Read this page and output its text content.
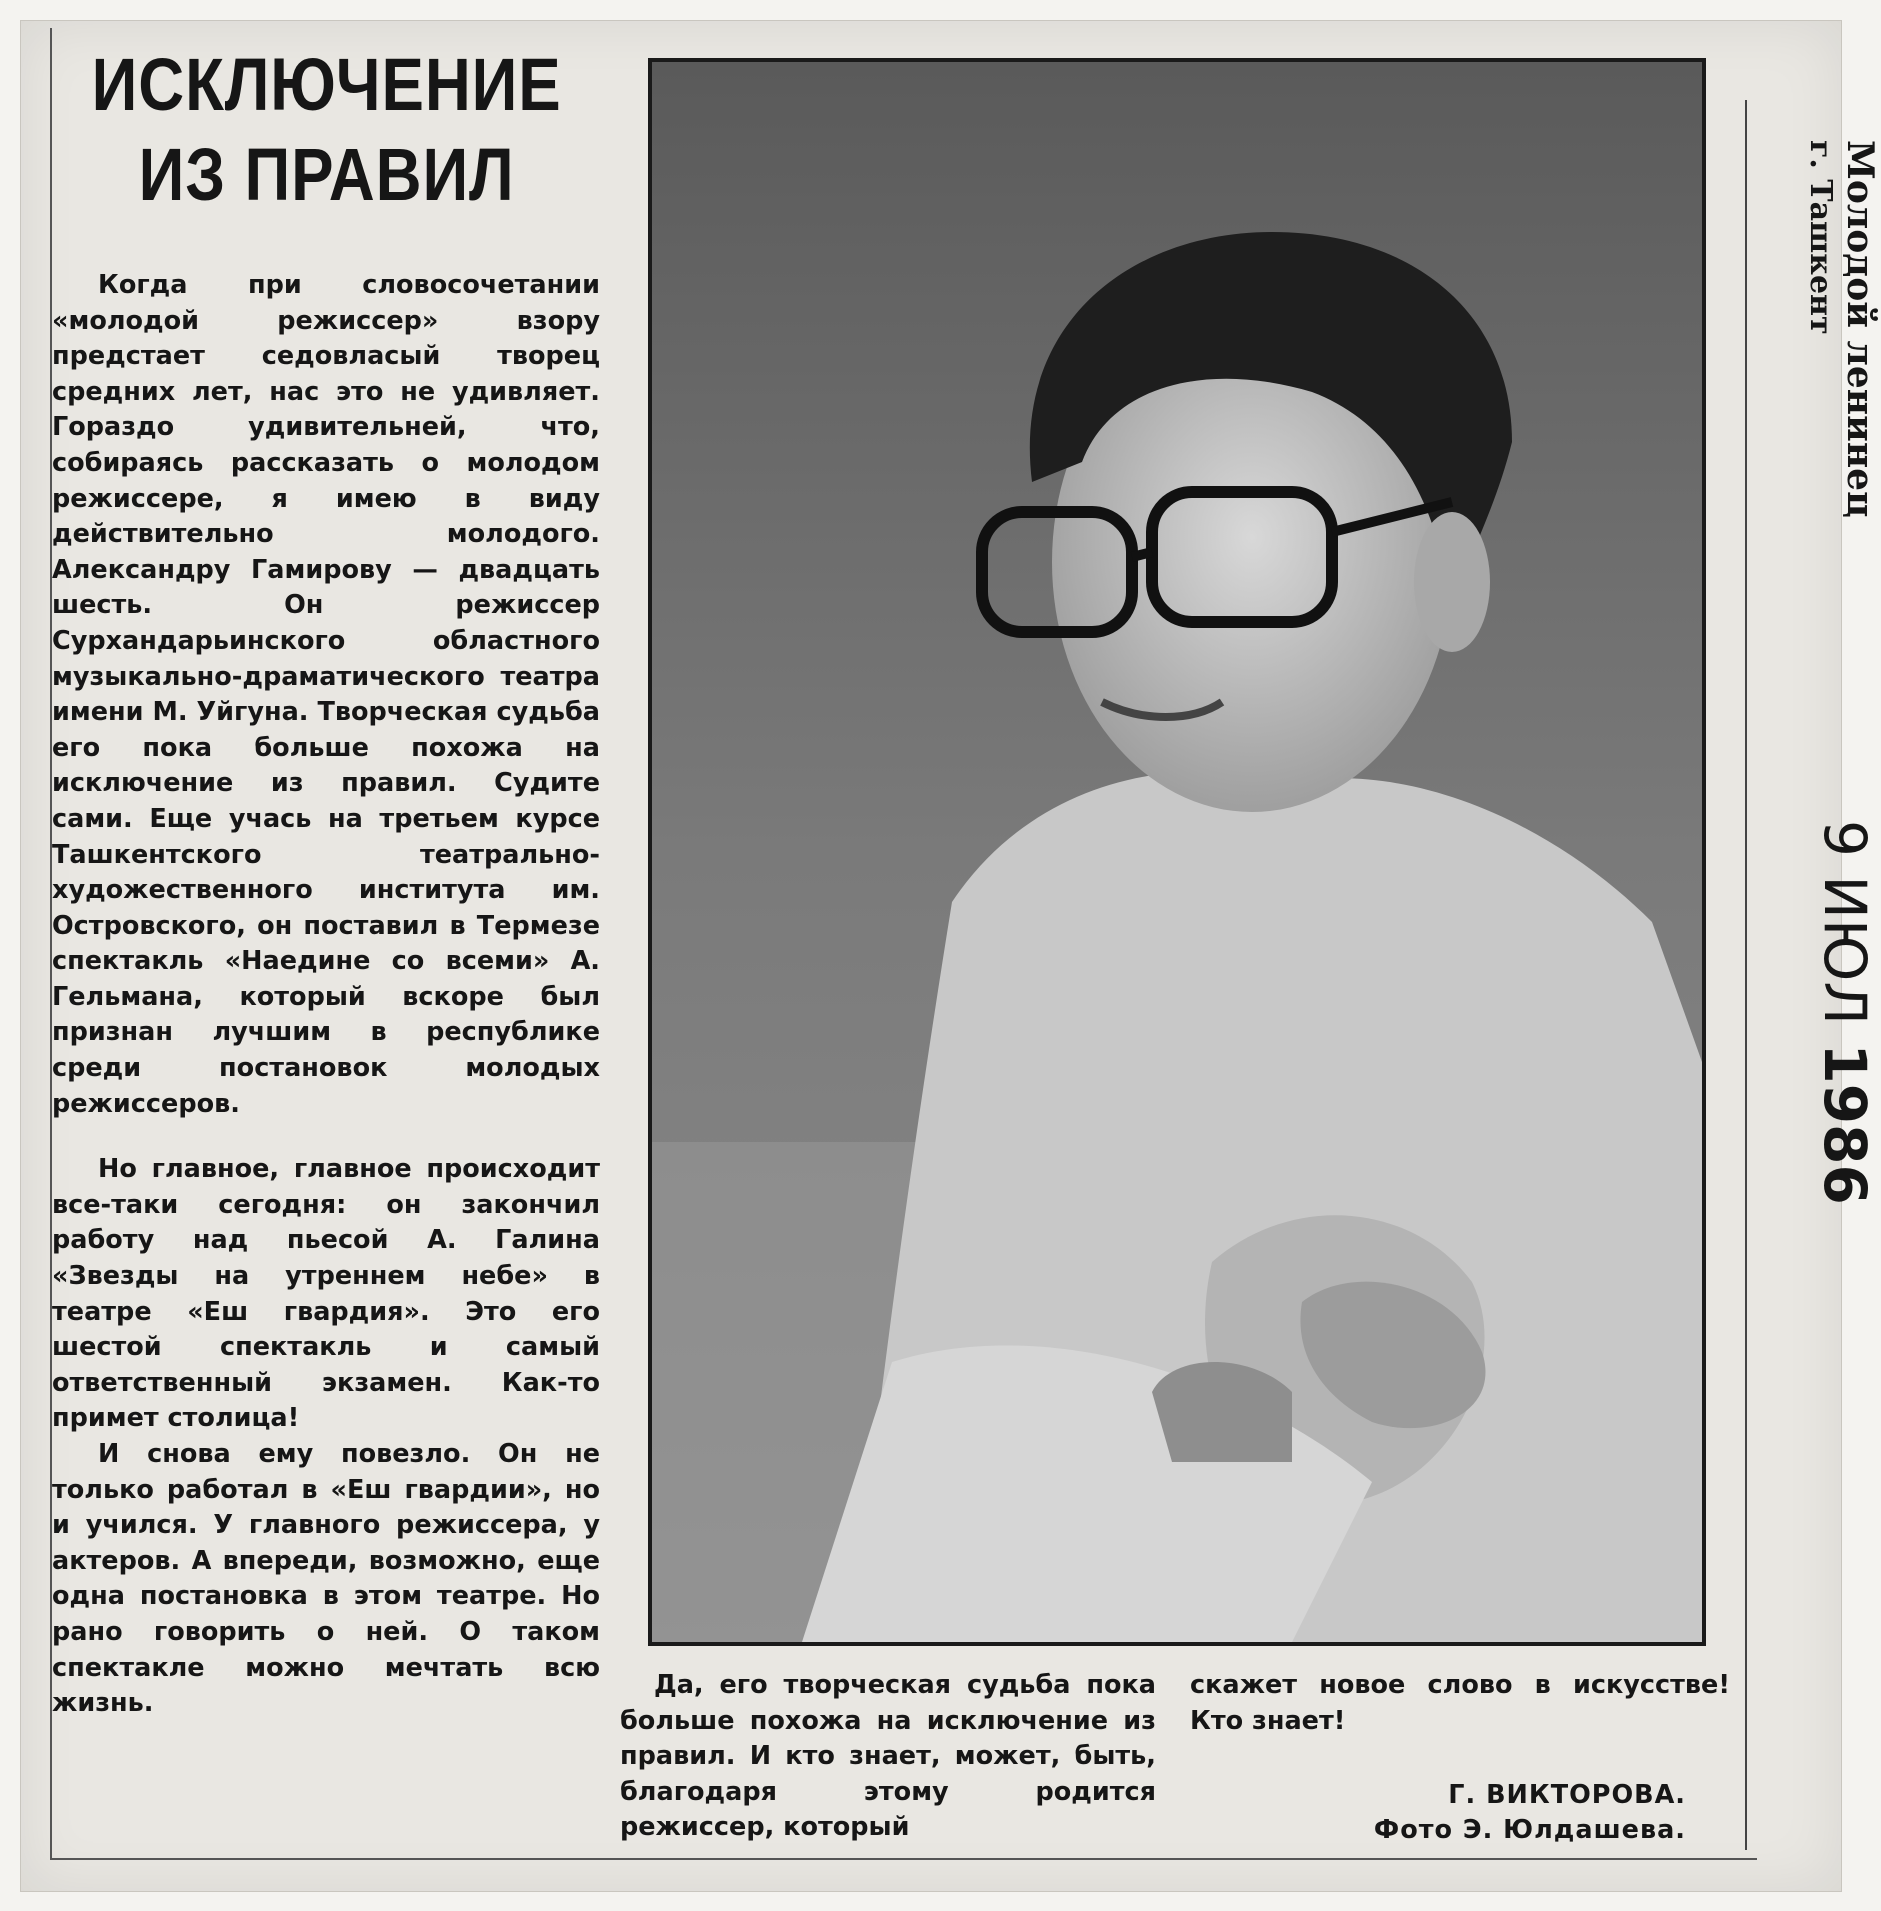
ИСКЛЮЧЕНИЕ
ИЗ ПРАВИЛ

Когда при словосочетании «молодой режиссер» взору предстает седовласый творец средних лет, нас это не удивляет. Гораздо удивительней, что, собираясь рассказать о молодом режиссере, я имею в виду действительно молодого. Александру Гамирову — двадцать шесть. Он режиссер Сурхандарьинского областного музыкально-драматического театра имени М. Уйгуна. Творческая судьба его пока больше похожа на исключение из правил. Судите сами. Еще учась на третьем курсе Ташкентского театрально-художественного института им. Островского, он поставил в Термезе спектакль «Наедине со всеми» А. Гельмана, который вскоре был признан лучшим в республике среди постановок молодых режиссеров.

Но главное, главное происходит все-таки сегодня: он закончил работу над пьесой А. Галина «Звезды на утреннем небе» в театре «Еш гвардия». Это его шестой спектакль и самый ответственный экзамен. Как-то примет столица!

И снова ему повезло. Он не только работал в «Еш гвардии», но и учился. У главного режиссера, у актеров. А впереди, возможно, еще одна постановка в этом театре. Но рано говорить о ней. О таком спектакле можно мечтать всю жизнь.

Да, его творческая судьба пока больше похожа на исключение из правил. И кто знает, может, быть, благодаря этому родится режиссер, который

скажет новое слово в искусстве! Кто знает!

Г. ВИКТОРОВА.
Фото Э. Юлдашева.
Молодой ленинец
г. Ташкент
9 ИЮЛ 1986
